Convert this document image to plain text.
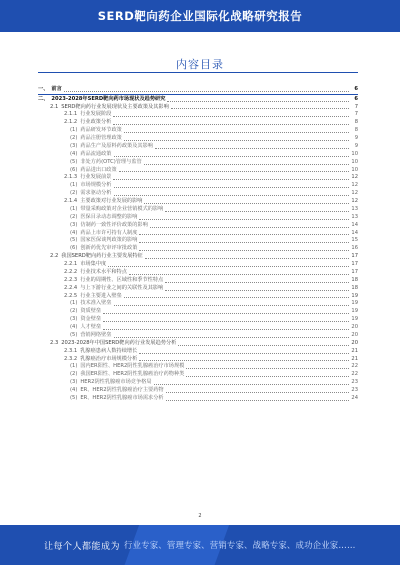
SERD靶向药企业国际化战略研究报告
内容目录
一、 前言	6
二、 2023-2028年SERD靶向药市场现状及趋势研究	6
2.1 SERD靶向药行业发展现状及主要政策及其影响	7
2.1.1 行业发展阶段	7
2.1.2 行业政策分析	8
(1) 药品研发环节政策	8
(2) 药品注册管理政策	9
(3) 药品生产及原料药政策及其影响	9
(4) 药品流通政策	10
(5) 非处方药(OTC)管理与监管	10
(6) 药品进出口政策	10
2.1.3 行业发展前景	12
(1) 市场规模分析	12
(2) 需求驱动分析	12
2.1.4 主要政策对行业发展的影响	12
(1) 带量采购政策对企业营销模式的影响	13
(2) 医保目录动态调整的影响	13
(3) 仿制药一致性评价政策的影响	14
(4) 药品上市许可持有人制度	14
(5) 国家医保谈判政策的影响	15
(6) 创新药优先审评审批政策	16
2.2 我国SERD靶向药行业主要发展特征	17
2.2.1 市场集中度	17
2.2.2 行业技术水平和特点	17
2.2.3 行业的周期性、区域性和季节性特点	18
2.2.4 与上下游行业之间的关联性及其影响	18
2.2.5 行业主要进入壁垒	19
(1) 技术准入壁垒	19
(2) 资质壁垒	19
(3) 资金壁垒	19
(4) 人才壁垒	20
(5) 营销网络壁垒	20
2.3 2023-2028年中国SERD靶向药行业发展趋势分析	20
2.3.1 乳腺癌患病人数持续增长	21
2.3.2 乳腺癌治疗市场规模分析	21
(1) 国内ER阳性、HER2阴性乳腺癌治疗市场规模	22
(2) 我国ER阳性、HER2阴性乳腺癌治疗药物种类	22
(3) HER2阴性乳腺癌市场竞争格局	23
(4) ER、HER2阴性乳腺癌治疗主要药物	23
(5) ER、HER2阴性乳腺癌市场需求分析	24
2
让每个人都能成为 行业专家、管理专家、营销专家、战略专家、成功企业家……
